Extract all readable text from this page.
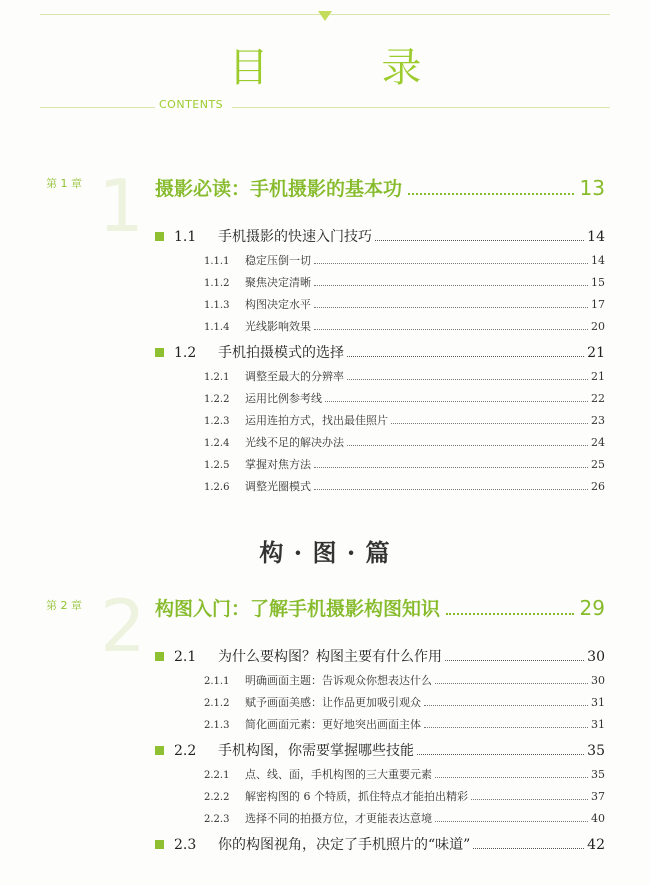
目 录
CONTENTS
第 1 章 1 摄影必读：手机摄影的基本功	13
1.1	手机摄影的快速入门技巧	14
1.1.1	稳定压倒一切	14
1.1.2	聚焦决定清晰	15
1.1.3	构图决定水平	17
1.1.4	光线影响效果	20
1.2	手机拍摄模式的选择	21
1.2.1	调整至最大的分辨率	21
1.2.2	运用比例参考线	22
1.2.3	运用连拍方式，找出最佳照片	23
1.2.4	光线不足的解决办法	24
1.2.5	掌握对焦方法	25
1.2.6	调整光圈模式	26
构 · 图 · 篇
第 2 章 2 构图入门：了解手机摄影构图知识	29
2.1	为什么要构图？构图主要有什么作用	30
2.1.1	明确画面主题：告诉观众你想表达什么	30
2.1.2	赋予画面美感：让作品更加吸引观众	31
2.1.3	简化画面元素：更好地突出画面主体	31
2.2	手机构图，你需要掌握哪些技能	35
2.2.1	点、线、面，手机构图的三大重要元素	35
2.2.2	解密构图的 6 个特质，抓住特点才能拍出精彩	37
2.2.3	选择不同的拍摄方位，才更能表达意境	40
2.3	你的构图视角，决定了手机照片的“味道”	42
